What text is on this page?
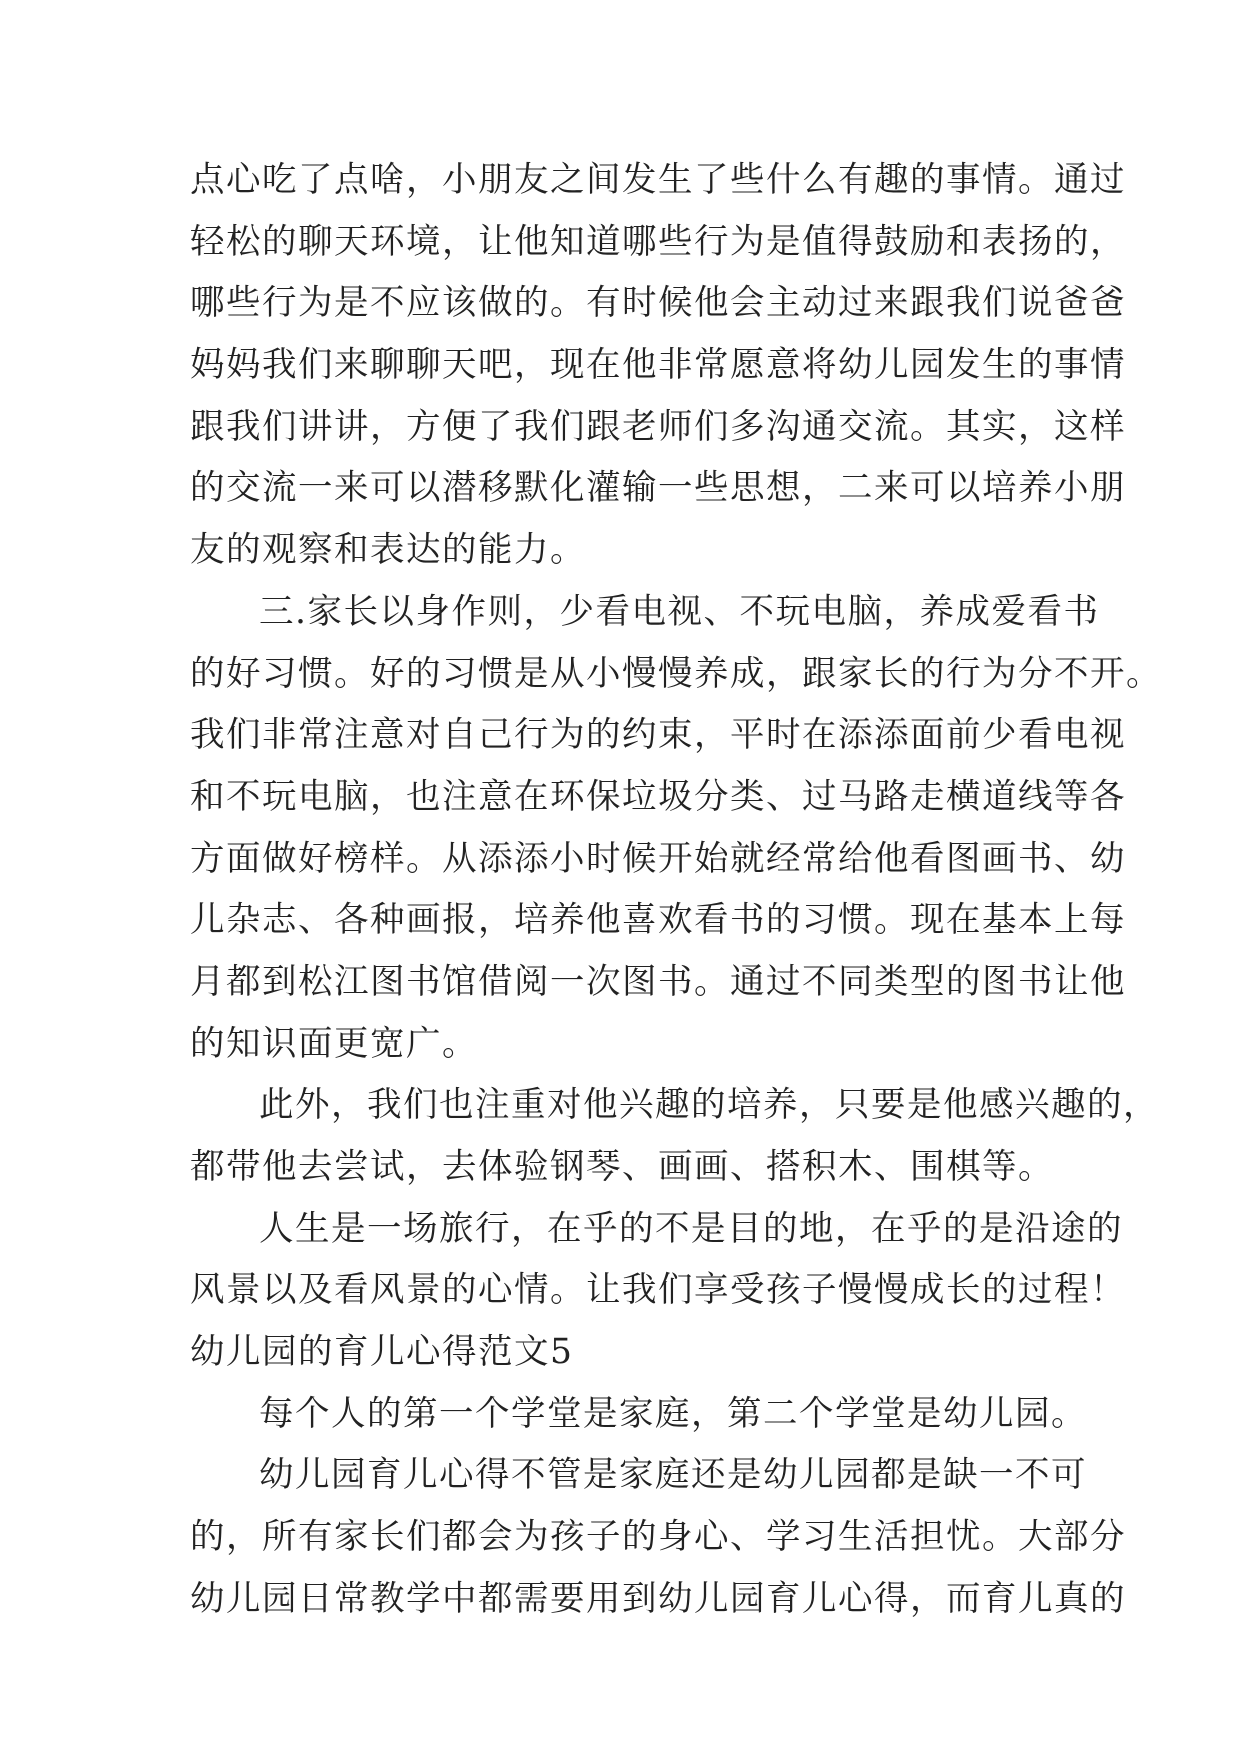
点心吃了点啥，小朋友之间发生了些什么有趣的事情。通过
轻松的聊天环境，让他知道哪些行为是值得鼓励和表扬的，
哪些行为是不应该做的。有时候他会主动过来跟我们说爸爸
妈妈我们来聊聊天吧，现在他非常愿意将幼儿园发生的事情
跟我们讲讲，方便了我们跟老师们多沟通交流。其实，这样
的交流一来可以潜移默化灌输一些思想，二来可以培养小朋
友的观察和表达的能力。
三.家长以身作则，少看电视、不玩电脑，养成爱看书
的好习惯。好的习惯是从小慢慢养成，跟家长的行为分不开。
我们非常注意对自己行为的约束，平时在添添面前少看电视
和不玩电脑，也注意在环保垃圾分类、过马路走横道线等各
方面做好榜样。从添添小时候开始就经常给他看图画书、幼
儿杂志、各种画报，培养他喜欢看书的习惯。现在基本上每
月都到松江图书馆借阅一次图书。通过不同类型的图书让他
的知识面更宽广。
此外，我们也注重对他兴趣的培养，只要是他感兴趣的，
都带他去尝试，去体验钢琴、画画、搭积木、围棋等。
人生是一场旅行，在乎的不是目的地，在乎的是沿途的
风景以及看风景的心情。让我们享受孩子慢慢成长的过程！
幼儿园的育儿心得范文5
每个人的第一个学堂是家庭，第二个学堂是幼儿园。
幼儿园育儿心得不管是家庭还是幼儿园都是缺一不可
的，所有家长们都会为孩子的身心、学习生活担忧。大部分
幼儿园日常教学中都需要用到幼儿园育儿心得，而育儿真的
